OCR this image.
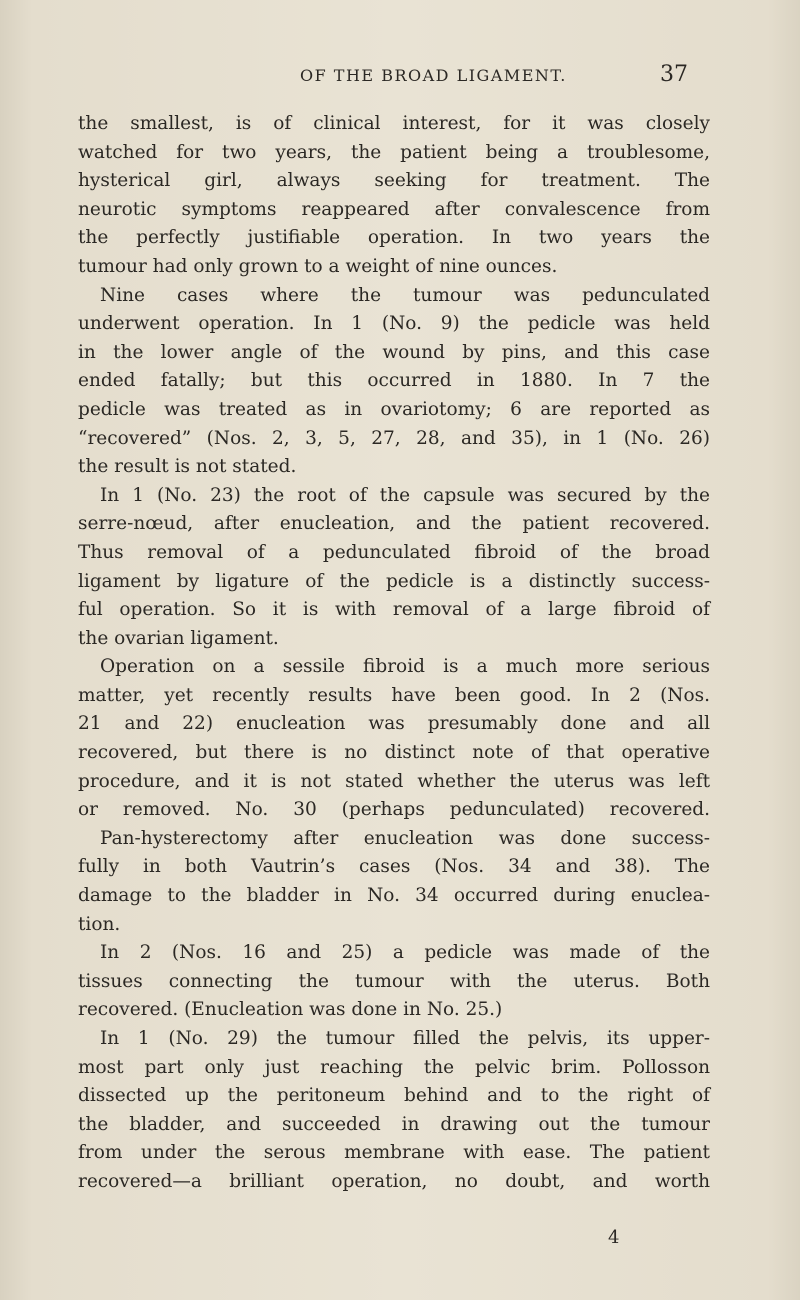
OF THE BROAD LIGAMENT.	37
the smallest, is of clinical interest, for it was closely
watched for two years, the patient being a troublesome,
hysterical girl, always seeking for treatment. The
neurotic symptoms reappeared after convalescence from
the perfectly justifiable operation. In two years the
tumour had only grown to a weight of nine ounces.
Nine cases where the tumour was pedunculated
underwent operation. In 1 (No. 9) the pedicle was held
in the lower angle of the wound by pins, and this case
ended fatally; but this occurred in 1880. In 7 the
pedicle was treated as in ovariotomy; 6 are reported as
“recovered” (Nos. 2, 3, 5, 27, 28, and 35), in 1 (No. 26)
the result is not stated.
In 1 (No. 23) the root of the capsule was secured by the
serre-nœud, after enucleation, and the patient recovered.
Thus removal of a pedunculated fibroid of the broad
ligament by ligature of the pedicle is a distinctly success-
ful operation. So it is with removal of a large fibroid of
the ovarian ligament.
Operation on a sessile fibroid is a much more serious
matter, yet recently results have been good. In 2 (Nos.
21 and 22) enucleation was presumably done and all
recovered, but there is no distinct note of that operative
procedure, and it is not stated whether the uterus was left
or removed. No. 30 (perhaps pedunculated) recovered.
Pan-hysterectomy after enucleation was done success-
fully in both Vautrin’s cases (Nos. 34 and 38). The
damage to the bladder in No. 34 occurred during enuclea-
tion.
In 2 (Nos. 16 and 25) a pedicle was made of the
tissues connecting the tumour with the uterus. Both
recovered. (Enucleation was done in No. 25.)
In 1 (No. 29) the tumour filled the pelvis, its upper-
most part only just reaching the pelvic brim. Pollosson
dissected up the peritoneum behind and to the right of
the bladder, and succeeded in drawing out the tumour
from under the serous membrane with ease. The patient
recovered—a brilliant operation, no doubt, and worth
4
